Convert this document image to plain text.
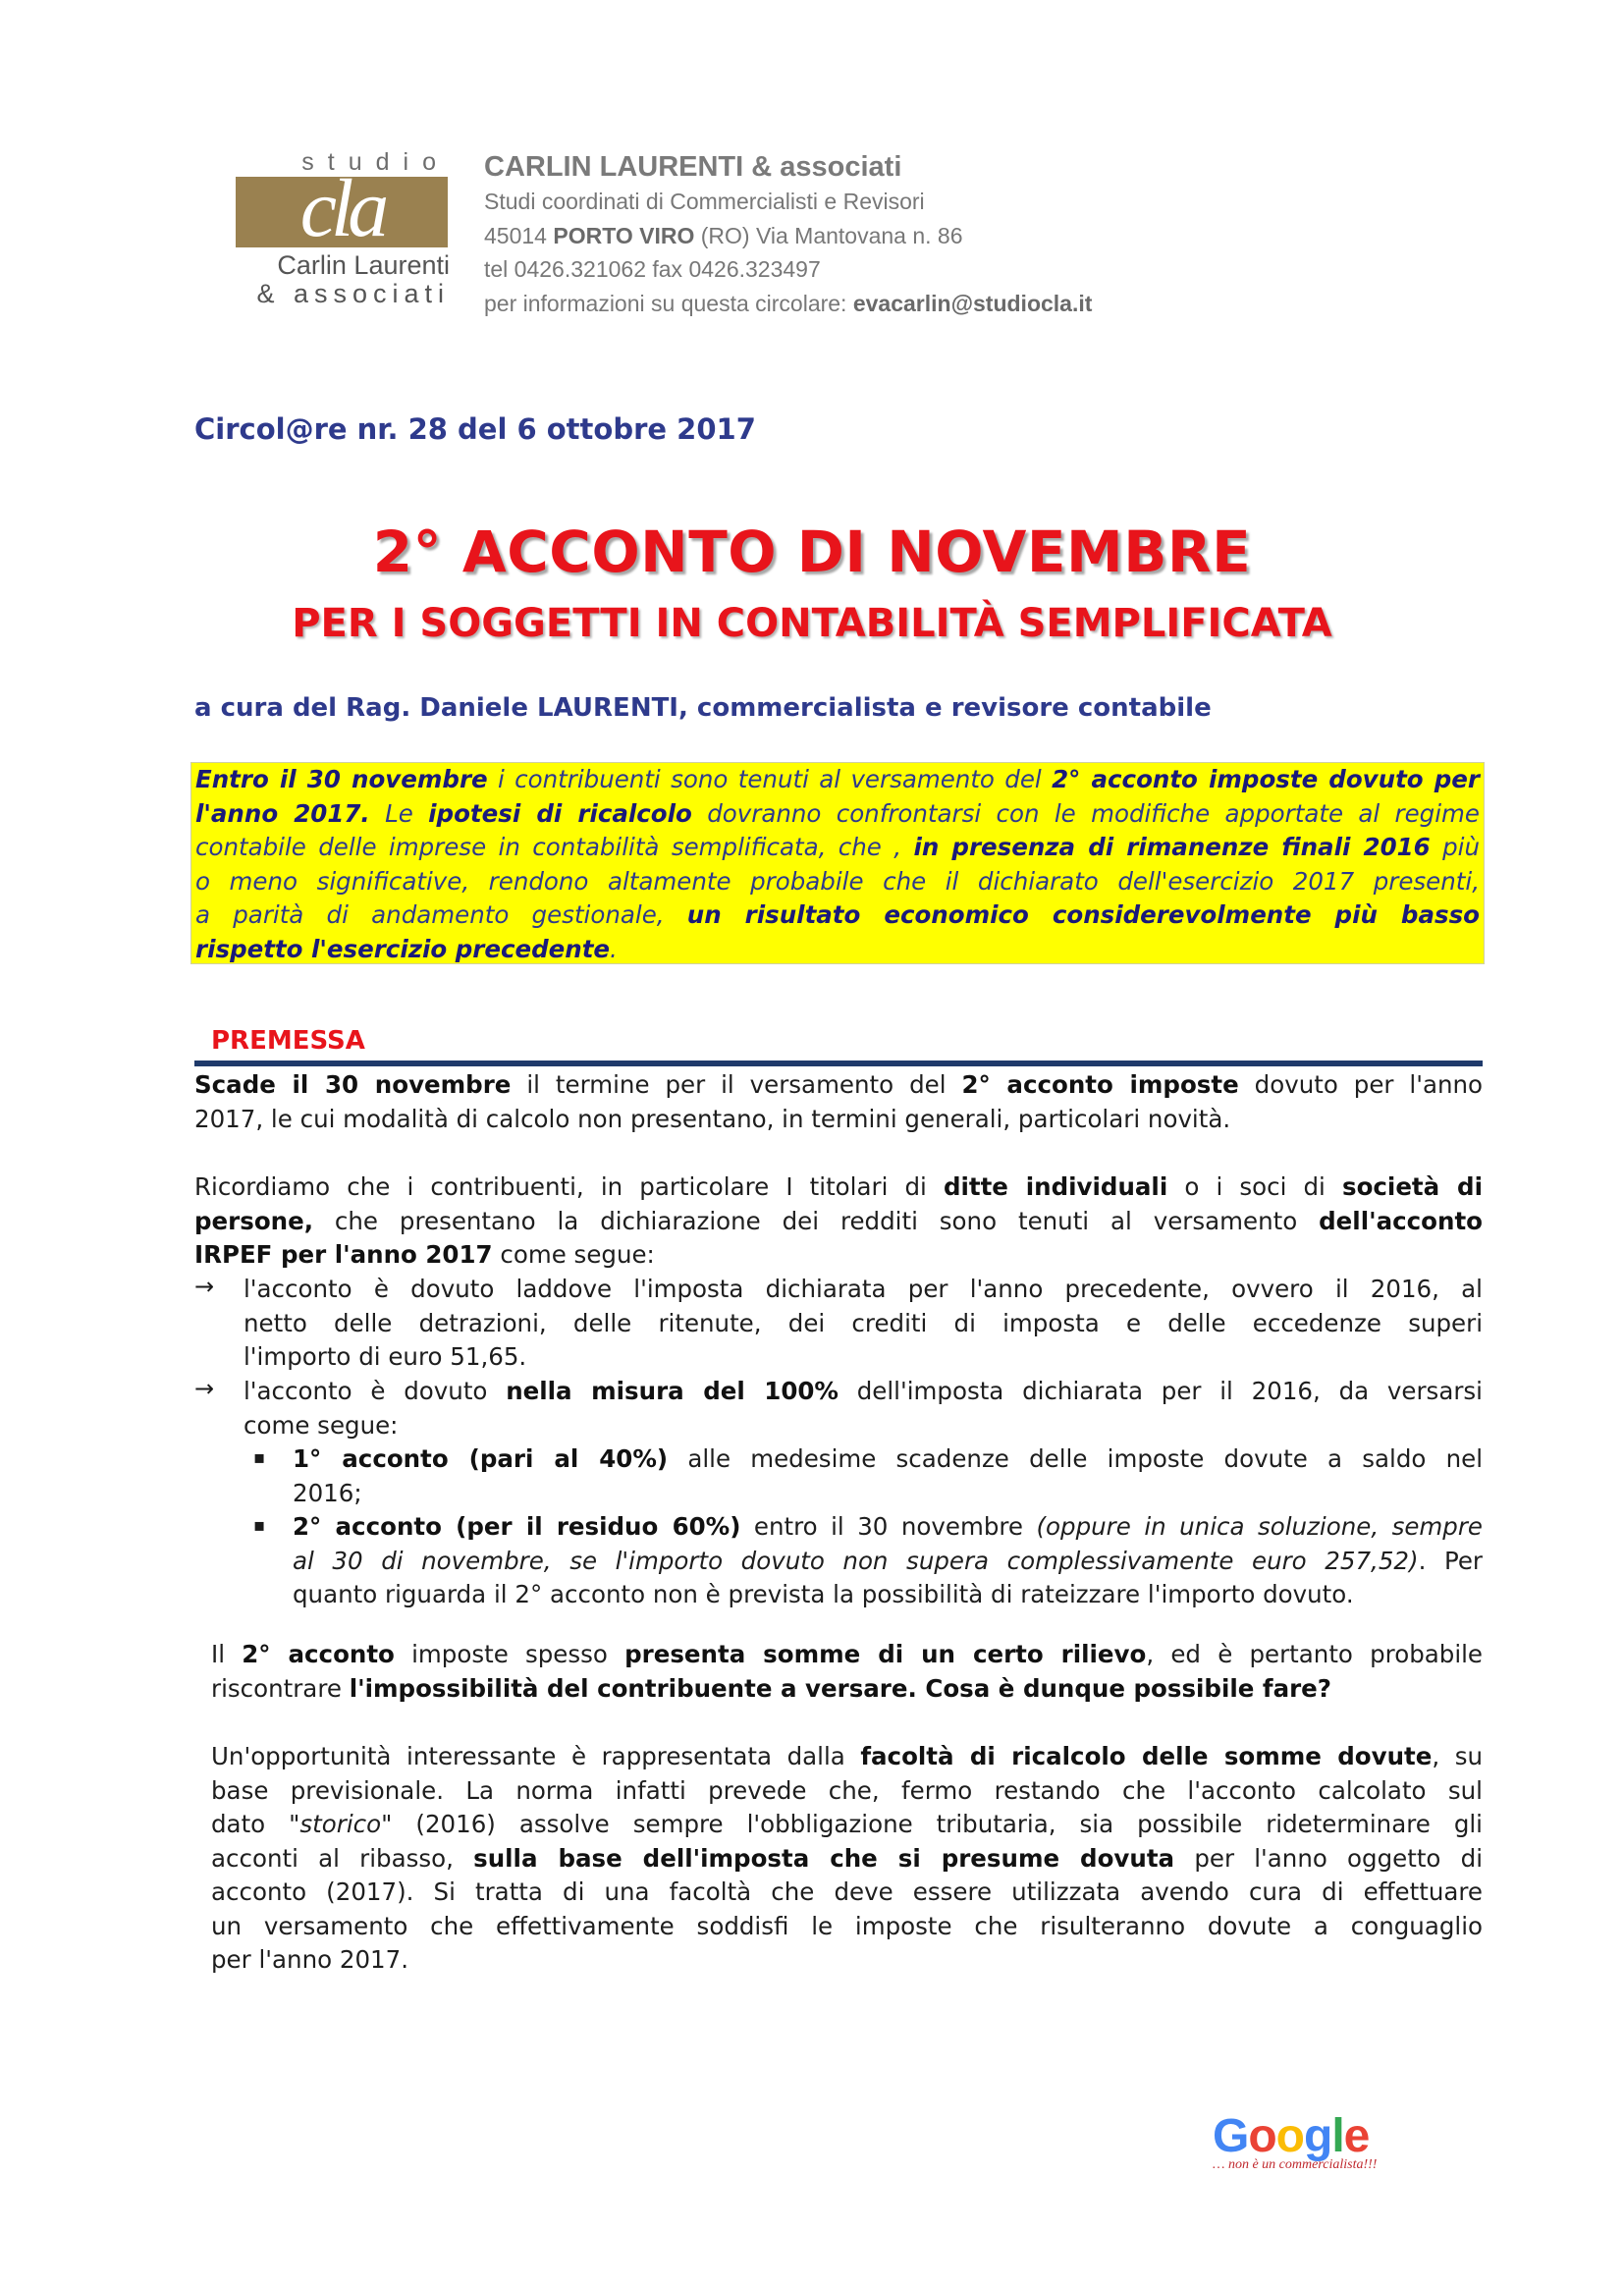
studio
cla
Carlin Laurenti
& associati
CARLIN LAURENTI & associati
Studi coordinati di Commercialisti e Revisori
45014 PORTO VIRO (RO) Via Mantovana n. 86
tel 0426.321062 fax 0426.323497
per informazioni su questa circolare: evacarlin@studiocla.it
Circol@re nr. 28 del 6 ottobre 2017
2° ACCONTO DI NOVEMBRE
PER I SOGGETTI IN CONTABILITÀ SEMPLIFICATA
a cura del Rag. Daniele LAURENTI, commercialista e revisore contabile

Entro il 30 novembre i contribuenti sono tenuti al versamento del 2° acconto imposte dovuto per

l'anno 2017. Le ipotesi di ricalcolo dovranno confrontarsi con le modifiche apportate al regime

contabile delle imprese in contabilità semplificata, che , in presenza di rimanenze finali 2016 più

o meno significative, rendono altamente probabile che il dichiarato dell'esercizio 2017 presenti,

a parità di andamento gestionale, un risultato economico considerevolmente più basso

rispetto l'esercizio precedente.

PREMESSA
Scade il 30 novembre il termine per il versamento del 2° acconto imposte dovuto per l'anno
2017, le cui modalità di calcolo non presentano, in termini generali, particolari novità.
Ricordiamo che i contribuenti, in particolare I titolari di ditte individuali o i soci di società di
persone, che presentano la dichiarazione dei redditi sono tenuti al versamento dell'acconto
IRPEF per l'anno 2017 come segue:
→ l'acconto è dovuto laddove l'imposta dichiarata per l'anno precedente, ovvero il 2016, al
netto delle detrazioni, delle ritenute, dei crediti di imposta e delle eccedenze superi
l'importo di euro 51,65.
→ l'acconto è dovuto nella misura del 100% dell'imposta dichiarata per il 2016, da versarsi
come segue:
▪ 1° acconto (pari al 40%) alle medesime scadenze delle imposte dovute a saldo nel
2016;
▪ 2° acconto (per il residuo 60%) entro il 30 novembre (oppure in unica soluzione, sempre
al 30 di novembre, se l'importo dovuto non supera complessivamente euro 257,52). Per
quanto riguarda il 2° acconto non è prevista la possibilità di rateizzare l'importo dovuto.
Il 2° acconto imposte spesso presenta somme di un certo rilievo, ed è pertanto probabile
riscontrare l'impossibilità del contribuente a versare. Cosa è dunque possibile fare?
Un'opportunità interessante è rappresentata dalla facoltà di ricalcolo delle somme dovute, su
base previsionale. La norma infatti prevede che, fermo restando che l'acconto calcolato sul
dato "storico" (2016) assolve sempre l'obbligazione tributaria, sia possibile rideterminare gli
acconti al ribasso, sulla base dell'imposta che si presume dovuta per l'anno oggetto di
acconto (2017). Si tratta di una facoltà che deve essere utilizzata avendo cura di effettuare
un versamento che effettivamente soddisfi le imposte che risulteranno dovute a conguaglio
per l'anno 2017.
Google
… non è un commercialista!!!
